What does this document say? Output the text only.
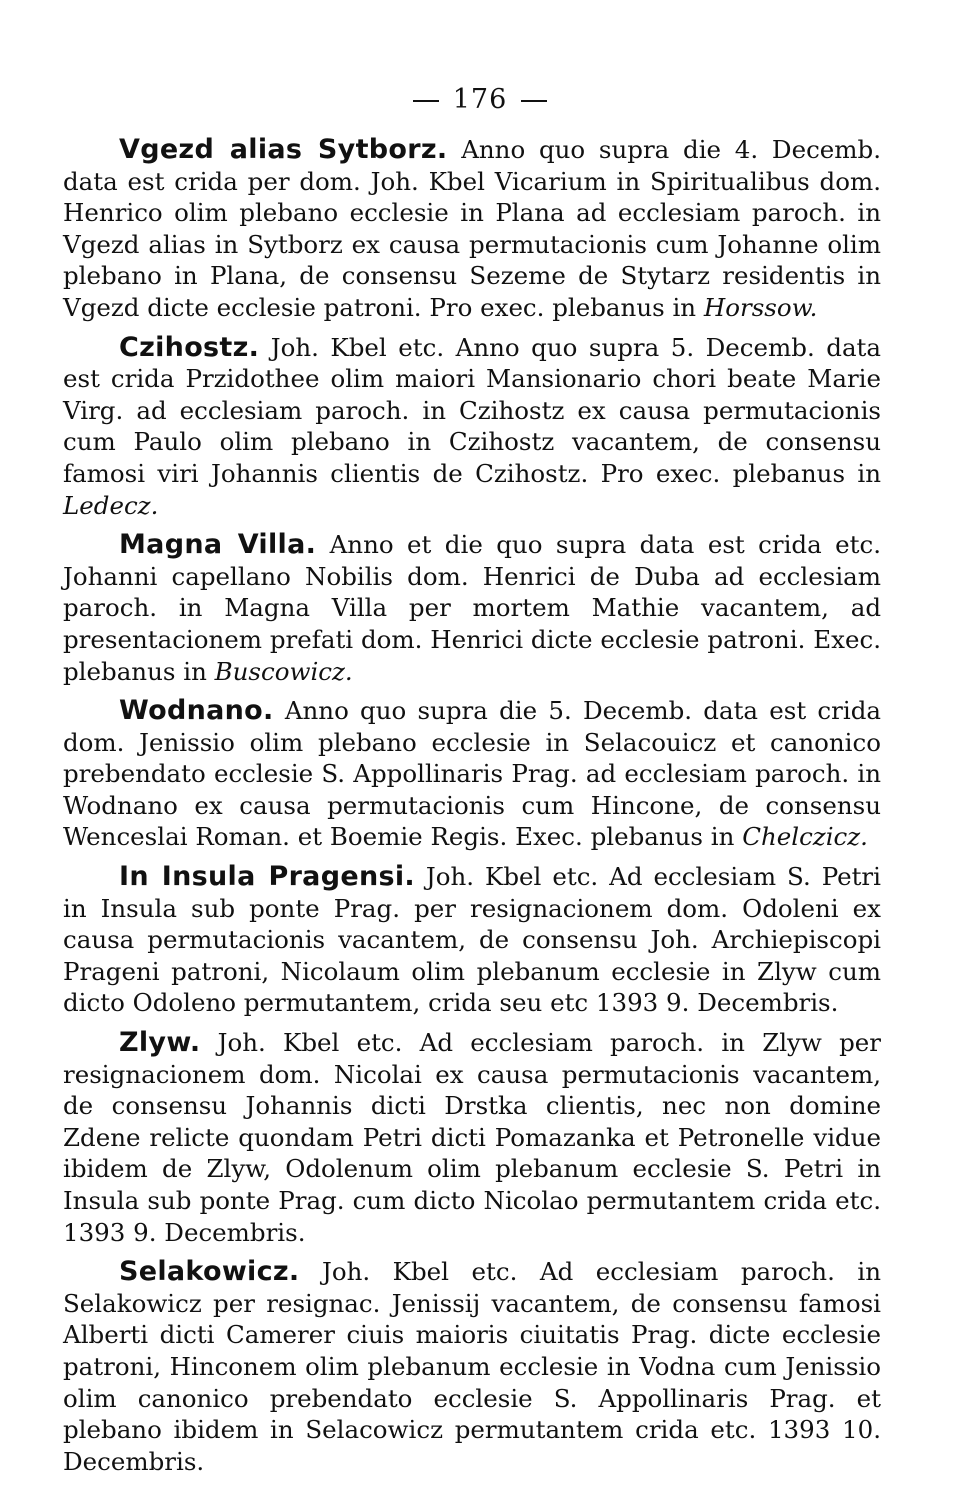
176

Vgezd alias Sytborz. Anno quo supra die 4. Decemb. data est crida per dom. Joh. Kbel Vicarium in Spiritualibus dom. Henrico olim plebano ecclesie in Plana ad ecclesiam paroch. in Vgezd alias in Sytborz ex causa permutacionis cum Johanne olim plebano in Plana, de consensu Sezeme de Stytarz residentis in Vgezd dicte ecclesie patroni. Pro exec. plebanus in Horssow.

Czihostz. Joh. Kbel etc. Anno quo supra 5. Decemb. data est crida Przidothee olim maiori Mansionario chori beate Marie Virg. ad ecclesiam paroch. in Czihostz ex causa permutacionis cum Paulo olim plebano in Czihostz vacantem, de consensu famosi viri Johannis clientis de Czihostz. Pro exec. plebanus in Ledecz.

Magna Villa. Anno et die quo supra data est crida etc. Johanni capellano Nobilis dom. Henrici de Duba ad ecclesiam paroch. in Magna Villa per mortem Mathie vacantem, ad presentacionem prefati dom. Henrici dicte ecclesie patroni. Exec. plebanus in Buscowicz.

Wodnano. Anno quo supra die 5. Decemb. data est crida dom. Jenissio olim plebano ecclesie in Selacouicz et canonico prebendato ecclesie S. Appollinaris Prag. ad ecclesiam paroch. in Wodnano ex causa permutacionis cum Hincone, de consensu Wenceslai Roman. et Boemie Regis. Exec. plebanus in Chelczicz.

In Insula Pragensi. Joh. Kbel etc. Ad ecclesiam S. Petri in Insula sub ponte Prag. per resignacionem dom. Odoleni ex causa permutacionis vacantem, de consensu Joh. Archiepiscopi Prageni patroni, Nicolaum olim plebanum ecclesie in Zlyw cum dicto Odoleno permutantem, crida seu etc 1393 9. Decembris.

Zlyw. Joh. Kbel etc. Ad ecclesiam paroch. in Zlyw per resignacionem dom. Nicolai ex causa permutacionis vacantem, de consensu Johannis dicti Drstka clientis, nec non domine Zdene relicte quondam Petri dicti Pomazanka et Petronelle vidue ibidem de Zlyw, Odolenum olim plebanum ecclesie S. Petri in Insula sub ponte Prag. cum dicto Nicolao permutantem crida etc. 1393 9. Decembris.

Selakowicz. Joh. Kbel etc. Ad ecclesiam paroch. in Selakowicz per resignac. Jenissij vacantem, de consensu famosi Alberti dicti Camerer ciuis maioris ciuitatis Prag. dicte ecclesie patroni, Hinconem olim plebanum ecclesie in Vodna cum Jenissio olim canonico prebendato ecclesie S. Appollinaris Prag. et plebano ibidem in Selacowicz permutantem crida etc. 1393 10. Decembris.
